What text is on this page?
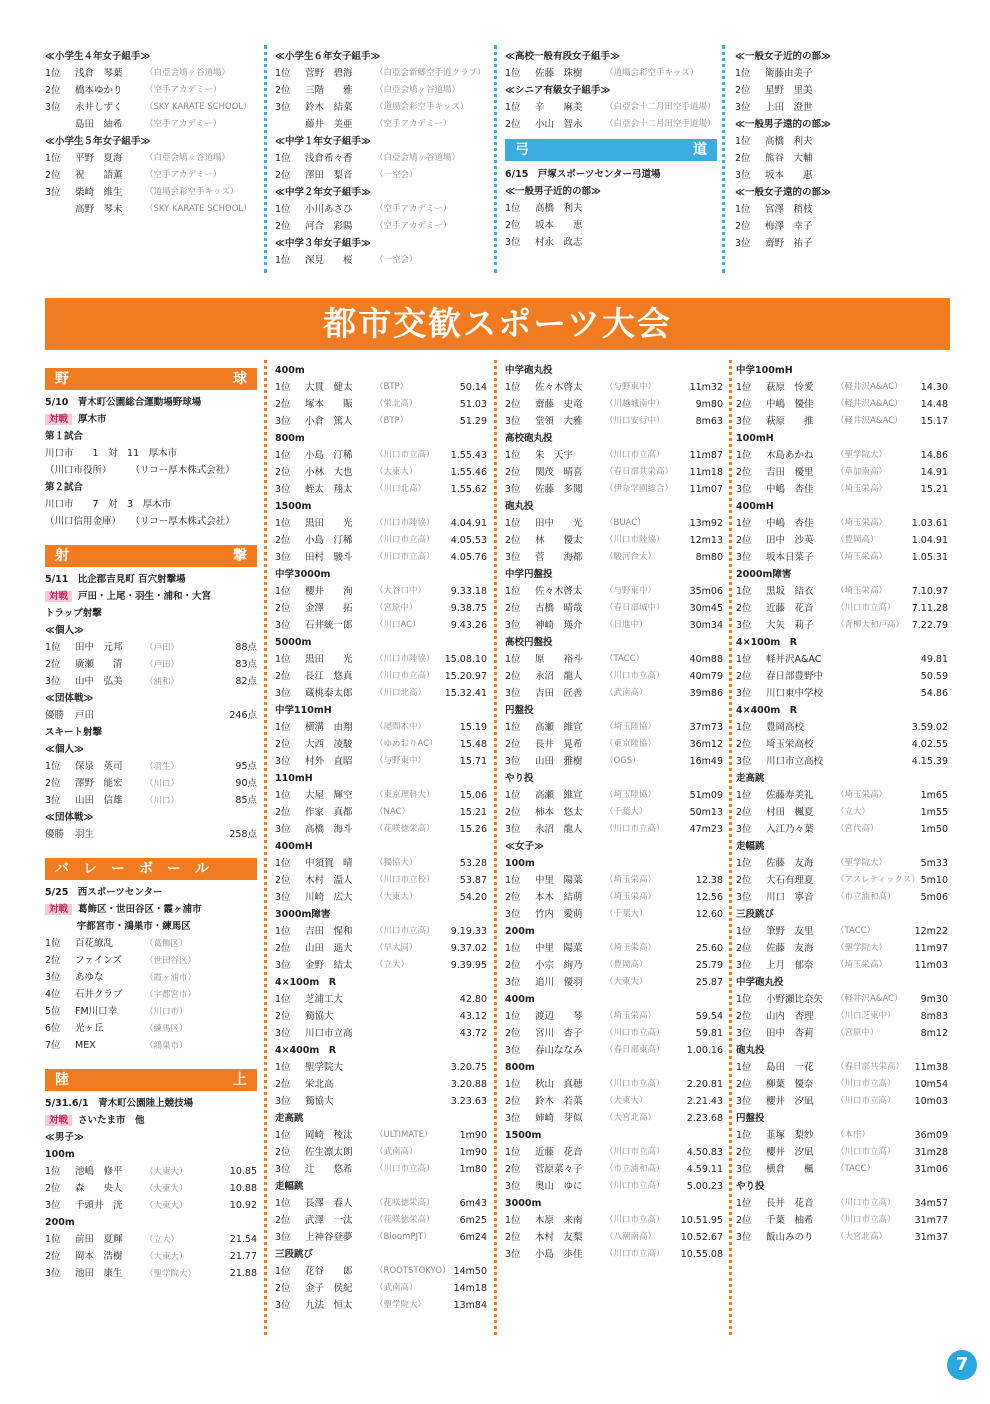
≪小学生４年女子組手≫
1位 浅倉　琴葉	（白亞会鳩ヶ谷道場）
2位 橋本ゆかり	（空手アカデミー）
3位 永井しずく	（SKY KARATE SCHOOL）
島田　紬希	（空手アカデミー）
≪小学生５年女子組手≫
1位 平野　夏海	（白亞会鳩ヶ谷道場）
2位 祝　　語薫	（空手アカデミー）
3位 柴崎　維生	（道場会彩空手キッズ）
高野　琴未	（SKY KARATE SCHOOL）
≪小学生６年女子組手≫
1位 菅野　碧海	（白亞会新郷空手道クラブ）
2位 三階　　雅	（白亞会鳩ヶ谷道場）
3位 鈴木　結菜	（道場会彩空手キッズ）
藤井　美亜	（空手アカデミー）
≪中学１年女子組手≫
1位 浅倉希々香	（白亞会鳩ヶ谷道場）
2位 澤田　梨音	（一空会）
≪中学２年女子組手≫
1位 小川あさひ	（空手アカデミー）
2位 河合　彩陽	（空手アカデミー）
≪中学３年女子組手≫
1位 深見　　桜	（一空会）
≪高校一般有段女子組手≫
1位 佐藤　珠樹	（道場会彩空手キッズ）
≪シニア有級女子組手≫
1位 辛　　麻美	（白亞会十二月田空手道場）
2位 小山　智永	（白亞会十二月田空手道場）
弓	道
6/15　戸塚スポーツセンター弓道場
≪一般男子近的の部≫
1位 高橋　利夫
2位 坂本　　恵
3位 村永　政志
≪一般女子近的の部≫
1位 衛藤由美子
2位 星野　里美
3位 上田　澄世
≪一般男子遠的の部≫
1位 高橋　利夫
2位 熊谷　大輔
3位 坂本　　惠
≪一般女子遠的の部≫
1位 宮澤　稍枝
2位 梅澤　幸子
3位 齋野　祐子
都市交歓スポーツ大会
野	球
5/10　青木町公園総合運動場野球場
対戦 厚木市
第１試合
川口市　　1　対　11　厚木市
（川口市役所）　　　（リコー厚木株式会社）
第２試合
川口市　　7　対　3　厚木市
（川口信用金庫）　　（リコー厚木株式会社）
射	撃
5/11　比企郡吉見町 百穴射撃場
対戦 戸田・上尾・羽生・浦和・大宮
トラップ射撃
≪個人≫
1位 田中　元邦	（戸田）	88点
2位 廣瀬　　清	（戸田）	83点
3位 山中　弘美	（浦和）	82点
≪団体戦≫
優勝 戸田	246点
スキート射撃
≪個人≫
1位 保泉　英司	（羽生）	95点
2位 澤野　能宏	（川口）	90点
3位 山田　信雄	（川口）	85点
≪団体戦≫
優勝 羽生	258点
バ　レ　ー　ボ　ー　ル
5/25　西スポーツセンター
対戦 葛飾区・世田谷区・霞ヶ浦市
　　　 宇都宮市・鴻巣市・練馬区
1位 百花繚乱	（葛飾区）
2位 ファインズ	（世田谷区）
3位 あゆな	（霞ヶ浦市）
4位 石井クラブ	（宇都宮市）
5位 FM川口幸	（川口市）
6位 光ヶ丘	（練馬区）
7位 MEX	（鴻巣市）
陸	上
5/31.6/1　青木町公園陸上競技場
対戦 さいたま市　他
≪男子≫
100m
1位 池嶋　修平	（大東大）	10.85
2位 森　　央人	（大東大）	10.88
3位 千頭井　洸	（大東大）	10.92
200m
1位 前田　夏輝	（立大）	21.54
2位 岡本　浩樹	（大東大）	21.77
3位 池田　康生	（聖学院大）	21.88
400m
1位 大貫　健太	（BTP）	50.14
2位 塚本　　賑	（栄北高）	51.03
3位 小倉　篤人	（BTP）	51.29
800m
1位 小島　汀稀	（川口市立高） 1.55.43
2位 小林　大也	（大東大）	1.55.46
3位 蛭太　翔太	（川口北高）	1.55.62
1500m
1位 黒田　　光	（川口市陸協） 4.04.91
2位 小島　汀稀	（川口市立高） 4.05.53
3位 田村　駿斗	（川口市立高） 4.05.76
中学3000m
1位 櫻井　　洵	（大谷口中）	9.33.18
2位 金澤　　拓	（宮原中）	9.38.75
3位 石井統一郎	（川口AC）	9.43.26
5000m
1位 黒田　　光	（川口市陸協） 15.08.10
2位 長江　悠真	（川口市立高） 15.20.97
3位 蔵桃泰太郎	（川口北高） 15.32.41
中学110mH
1位 横溝　由翔	（尾間木中）	15.19
2位 大西　凌駿	（ゆめおりAC） 15.48
3位 村外　直昭	（与野東中）	15.71
110mH
1位 大屋　輝空	（東京理科大）	15.06
2位 作家　真都	（NAC）	15.21
3位 高橋　海斗	（花咲徳栄高）	15.26
400mH
1位 中須賀　晴	（獨協大）	53.28
2位 木村　温人	（川口市立校）	53.87
3位 川崎　広大	（大東大）	54.20
3000m障害
1位 吉田　惺和	（川口市立高） 9.19.33
2位 山田　遥大	（早大同）	9.37.02
3位 金野　結太	（立大）	9.39.95
4×100m　R
1位 芝浦工大	42.80
2位 獨協大	43.12
3位 川口市立高	43.72
4×400m　R
1位 聖学院大	3.20.75
2位 栄北高	3.20.88
3位 獨協大	3.23.63
走高跳
1位 岡崎　稜汰	（ULTIMATE）	1m90
2位 佐生凛太朗	（武南高）	1m90
3位 辻　　悠希	（川口市立高）	1m80
走幅跳
1位 長澤　春人	（花咲徳栄高）	6m43
2位 武澤　一汰	（花咲徳栄高）	6m25
3位 上神谷登夢	（BloomPJT）	6m24
三段跳び
1位 花谷　　郎	（ROOTSTOKYO） 14m50
2位 金子　侯紀	（武南高）	14m18
3位 九法　恒太	（聖学院大）	13m84
中学砲丸投
1位 佐々木啓太	（与野東中）	11m32
2位 齋藤　史竜	（川越城南中）	9m80
3位 堂領　大雅	（川口安行中）	8m63
高校砲丸投
1位 朱　天宇	（川口市立高）	11m87
2位 関茂　晴喜	（春日部共栄高） 11m18
3位 佐藤　多聞	（伊奈学園総合） 11m07
砲丸投
1位 田中　　光	（BUAC）	13m92
2位 林　　優太	（川口市陸協）	12m13
3位 菅　　海都	（駿河台大）	8m80
中学円盤投
1位 佐々木啓太	（与野東中）	35m06
2位 古橋　晴哉	（春日部城中）	30m45
3位 神崎　瑛介	（日進中）	30m34
高校円盤投
1位 原　　裕斗	（TACC）	40m88
2位 永沼　龍人	（川口市立高）	40m79
3位 吉田　匠善	（武南高）	39m86
円盤投
1位 高瀬　維宣	（埼玉陸協）	37m73
2位 長井　晃希	（東京陸協）	36m12
3位 山田　雅樹	（OGS）	16m49
やり投
1位 高瀬　維宣	（埼玉陸協）	51m09
2位 柿本　悠太	（千葉大）	50m13
3位 永沼　龍人	（川口市立高）	47m23
≪女子≫
100m
1位 中里　陽菜	（埼玉栄高）	12.38
2位 本木　結萌	（埼玉栄高）	12.56
3位 竹内　愛萌	（千葉大）	12.60
200m
1位 中里　陽菜	（埼玉栄高）	25.60
2位 小宗　絢乃	（豊岡高）	25.79
3位 追川　優羽	（大東大）	25.87
400m
1位 渡辺　　琴	（埼玉栄高）	59.54
2位 宮川　杏子	（川口市立高）	59.81
3位 春山ななみ	（春日部東高） 1.00.16
800m
1位 秋山　真穂	（川口市立高） 2.20.81
2位 鈴木　若菜	（大東大）	2.21.43
3位 姉崎　芽似	（大宮北高）	2.23.68
1500m
1位 近藤　花音	（川口市立高） 4.50.83
2位 菅原菜々子	（市立浦和高） 4.59.11
3位 奥山　ゆに	（川口市立高） 5.00.23
3000m
1位 木原　来南	（川口市立高） 10.51.95
2位 木村　友梨	（八潮南高）	10.52.67
3位 小島　歩佳	（川口市立高） 10.55.08
中学100mH
1位 萩原　怜愛	（軽井沢A&AC） 14.30
2位 中嶋　優佳	（軽井沢A&AC） 14.48
3位 萩原　　推	（軽井沢A&AC） 15.17
100mH
1位 木島あかね	（聖学院大）	14.86
2位 吉田　優里	（草加南高）	14.91
3位 中嶋　杏佳	（埼玉栄高）	15.21
400mH
1位 中嶋　杏佳	（埼玉栄高）	1.03.61
2位 田中　沙英	（豊岡高）	1.04.91
3位 坂本日菜子	（埼玉栄高）	1.05.31
2000m障害
1位 黒坂　結衣	（埼玉栄高）	7.10.97
2位 近藤　花音	（川口市立高） 7.11.28
3位 大矢　莉子	（青柳大和戸高） 7.22.79
4×100m　R
1位 軽井沢A&AC	49.81
2位 春日部豊野中	50.59
3位 川口東中学校	54.86
4×400m　R
1位 豊岡高校	3.59.02
2位 埼玉栄高校	4.02.55
3位 川口市立高校	4.15.39
走高跳
1位 佐藤寿美礼	（埼玉栄高）	1m65
2位 村田　楓夏	（立大）	1m55
3位 入江乃々葉	（宮代高）	1m50
走幅跳
1位 佐藤　友海	（聖学院大）	5m33
2位 大石有理夏	（アスレティックス） 5m10
3位 川口　寧音	（市立浦和高）	5m06
三段跳び
1位 筆野　友里	（TACC）	12m22
2位 佐藤　友海	（聖学院大）	11m97
3位 上月　郁奈	（埼玉栄高）	11m03
中学砲丸投
1位 小野瀬比奈矢 （軽井沢A&AC） 9m30
2位 山内　杏理	（川口芝東中）	8m83
3位 田中　杏莉	（宮原中）	8m12
砲丸投
1位 島田　一花	（春日部共栄高） 11m38
2位 柳葉　優奈	（川口市立高） 10m54
3位 櫻井　汐凪	（川口市立高） 10m03
円盤投
1位 韮塚　梨紗	（本庄）	36m09
2位 櫻井　汐凪	（川口市立高） 31m28
3位 横倉　　楓	（TACC）	31m06
やり投
1位 長井　花音	（川口市立高） 34m57
2位 千葉　柚希	（川口市立高） 31m77
3位 飯山みのり	（大宮北高）	31m37
7
